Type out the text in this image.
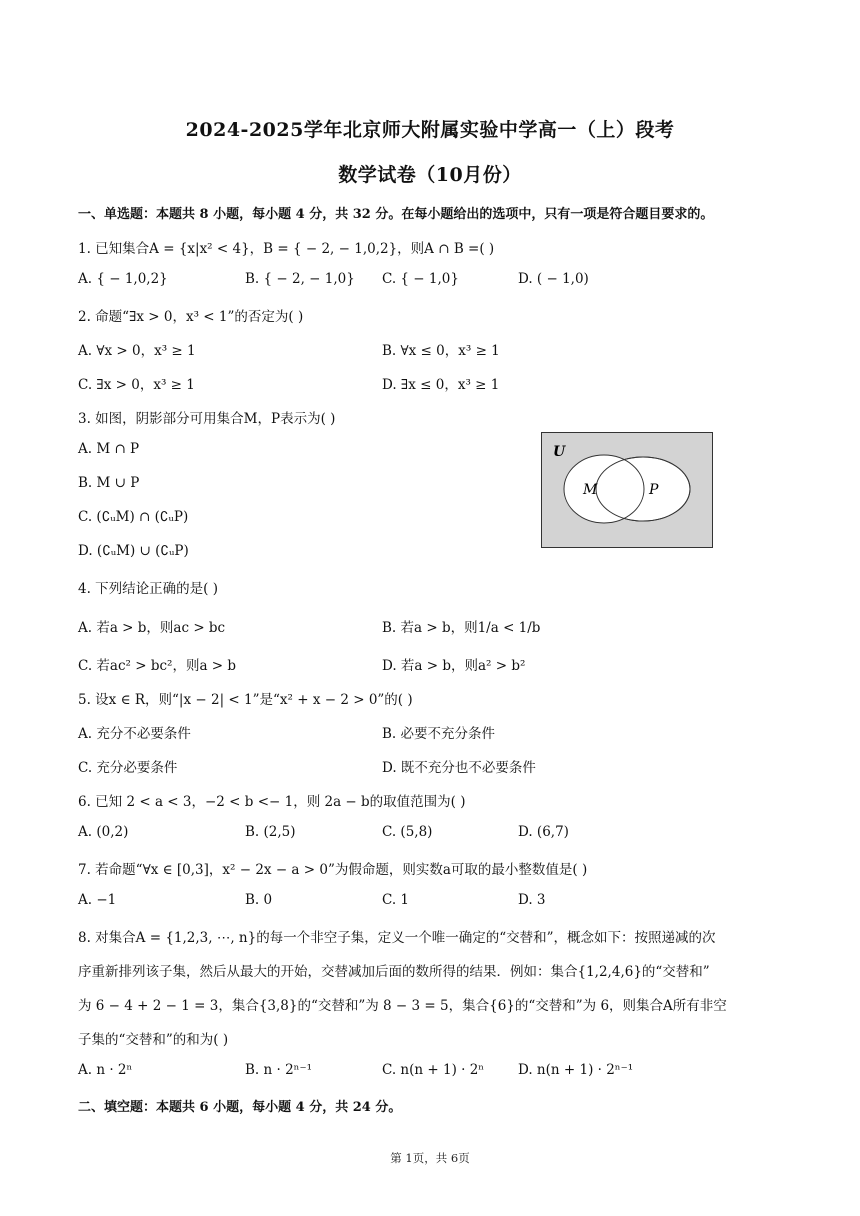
2024-2025学年北京师大附属实验中学高一（上）段考
数学试卷（10月份）
一、单选题：本题共 8 小题，每小题 4 分，共 32 分。在每小题给出的选项中，只有一项是符合题目要求的。
1. 已知集合A = {x|x² < 4}，B = { − 2, − 1,0,2}，则A ∩ B =( )
A. { − 1,0,2}	B. { − 2, − 1,0} C. { − 1,0}	D. ( − 1,0)
2. 命题“∃x > 0，x³ < 1”的否定为( )
A. ∀x > 0，x³ ≥ 1	B. ∀x ≤ 0，x³ ≥ 1
C. ∃x > 0，x³ ≥ 1	D. ∃x ≤ 0，x³ ≥ 1
3. 如图，阴影部分可用集合M，P表示为( )
A. M ∩ P
B. M ∪ P
C. (∁ᵤM) ∩ (∁ᵤP)
D. (∁ᵤM) ∪ (∁ᵤP)
U
M	P
4. 下列结论正确的是( )
A. 若a > b，则ac > bc	B. 若a > b，则1/a < 1/b
C. 若ac² > bc²，则a > b	D. 若a > b，则a² > b²
5. 设x ∈ R，则“|x − 2| < 1”是“x² + x − 2 > 0”的( )
A. 充分不必要条件	B. 必要不充分条件
C. 充分必要条件	D. 既不充分也不必要条件
6. 已知 2 < a < 3，−2 < b <− 1，则 2a − b的取值范围为( )
A. (0,2)	B. (2,5)	C. (5,8)	D. (6,7)
7. 若命题“∀x ∈ [0,3]，x² − 2x − a > 0”为假命题，则实数a可取的最小整数值是( )
A. −1	B. 0	C. 1	D. 3
8. 对集合A = {1,2,3, ⋯, n}的每一个非空子集，定义一个唯一确定的“交替和”，概念如下：按照递减的次
序重新排列该子集，然后从最大的开始，交替减加后面的数所得的结果．例如：集合{1,2,4,6}的“交替和”
为 6 − 4 + 2 − 1 = 3，集合{3,8}的“交替和”为 8 − 3 = 5，集合{6}的“交替和”为 6，则集合A所有非空
子集的“交替和”的和为( )
A. n · 2ⁿ	B. n · 2ⁿ⁻¹	C. n(n + 1) · 2ⁿ	D. n(n + 1) · 2ⁿ⁻¹
二、填空题：本题共 6 小题，每小题 4 分，共 24 分。
第 1页，共 6页
